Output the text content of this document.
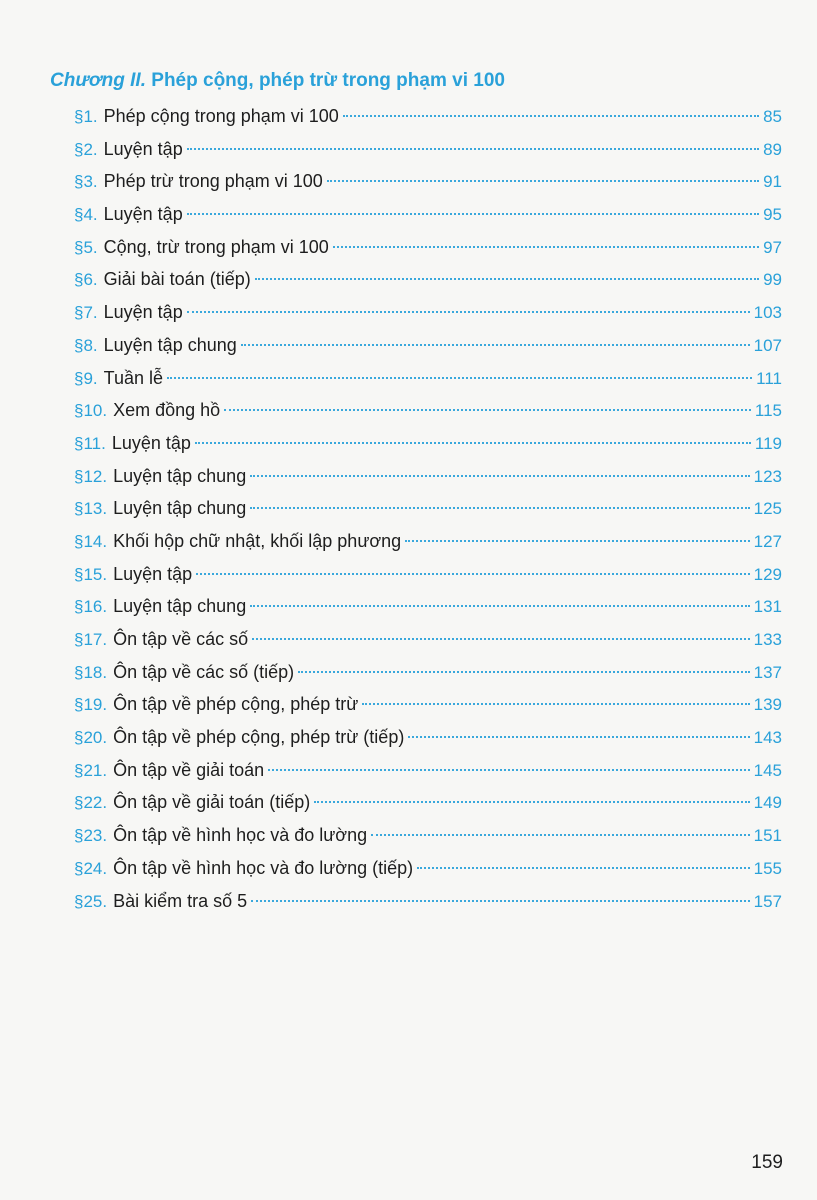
Chương II. Phép cộng, phép trừ trong phạm vi 100
§1. Phép cộng trong phạm vi 100	85
§2. Luyện tập	89
§3. Phép trừ trong phạm vi 100	91
§4. Luyện tập	95
§5. Cộng, trừ trong phạm vi 100	97
§6. Giải bài toán (tiếp)	99
§7. Luyện tập	103
§8. Luyện tập chung	107
§9. Tuần lễ	111
§10. Xem đồng hồ	115
§11. Luyện tập	119
§12. Luyện tập chung	123
§13. Luyện tập chung	125
§14. Khối hộp chữ nhật, khối lập phương	127
§15. Luyện tập	129
§16. Luyện tập chung	131
§17. Ôn tập về các số	133
§18. Ôn tập về các số (tiếp)	137
§19. Ôn tập về phép cộng, phép trừ	139
§20. Ôn tập về phép cộng, phép trừ (tiếp)	143
§21. Ôn tập về giải toán	145
§22. Ôn tập về giải toán (tiếp)	149
§23. Ôn tập về hình học và đo lường	151
§24. Ôn tập về hình học và đo lường (tiếp)	155
§25. Bài kiểm tra số 5	157
159
